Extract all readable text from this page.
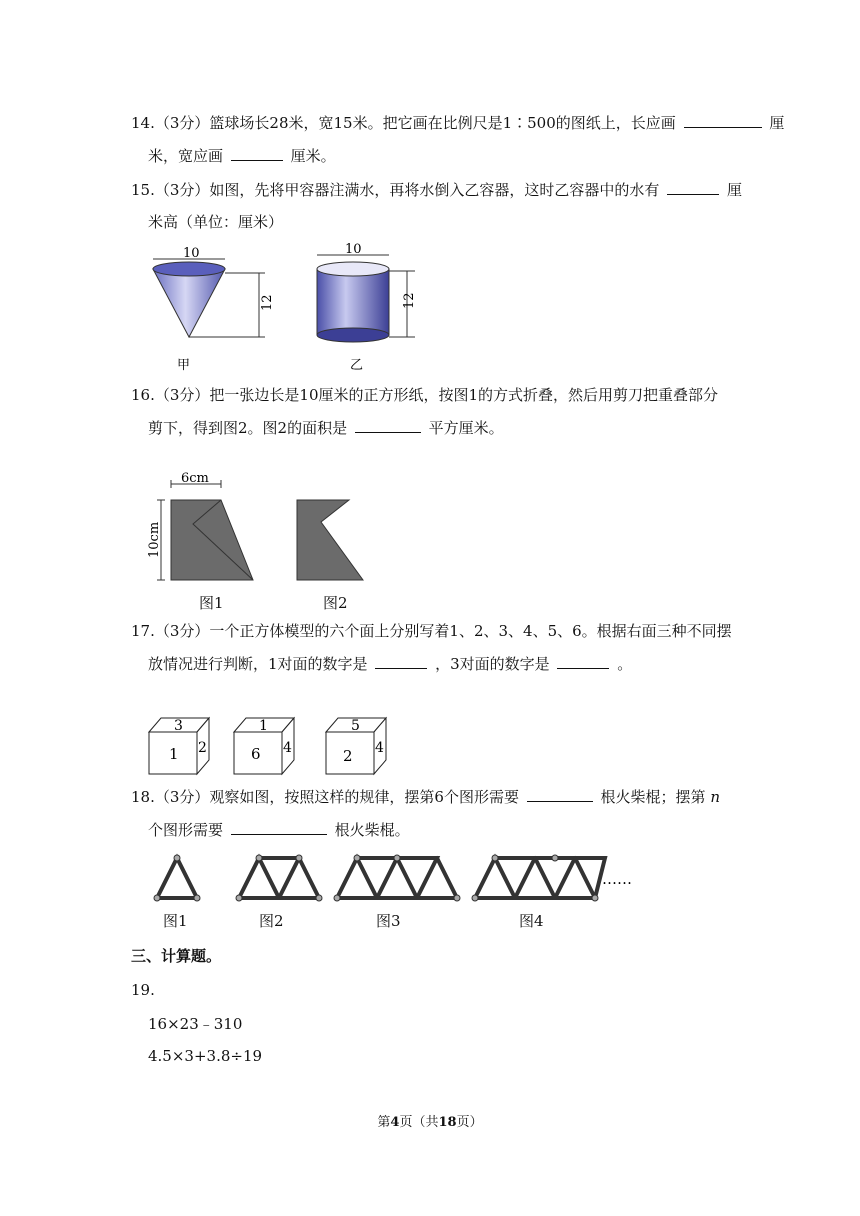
14.（3分）篮球场长28米，宽15米。把它画在比例尺是1∶500的图纸上，长应画	厘
米，宽应画	厘米。
15.（3分）如图，先将甲容器注满水，再将水倒入乙容器，这时乙容器中的水有	厘
米高（单位：厘米）
10
12
甲
10
12
乙
16.（3分）把一张边长是10厘米的正方形纸，按图1的方式折叠，然后用剪刀把重叠部分
剪下，得到图2。图2的面积是	平方厘米。
6cm
10cm
图1	图2
17.（3分）一个正方体模型的六个面上分别写着1、2、3、4、5、6。根据右面三种不同摆
放情况进行判断，1对面的数字是	，3对面的数字是	。
3
1 2
1
6 4
5
2 4
18.（3分）观察如图，按照这样的规律，摆第6个图形需要	根火柴棍；摆第 n
个图形需要	根火柴棍。
……
图1	图2	图3	图4
三、计算题。
19.
16×23﹣310
4.5×3+3.8÷19
第4页（共18页）
